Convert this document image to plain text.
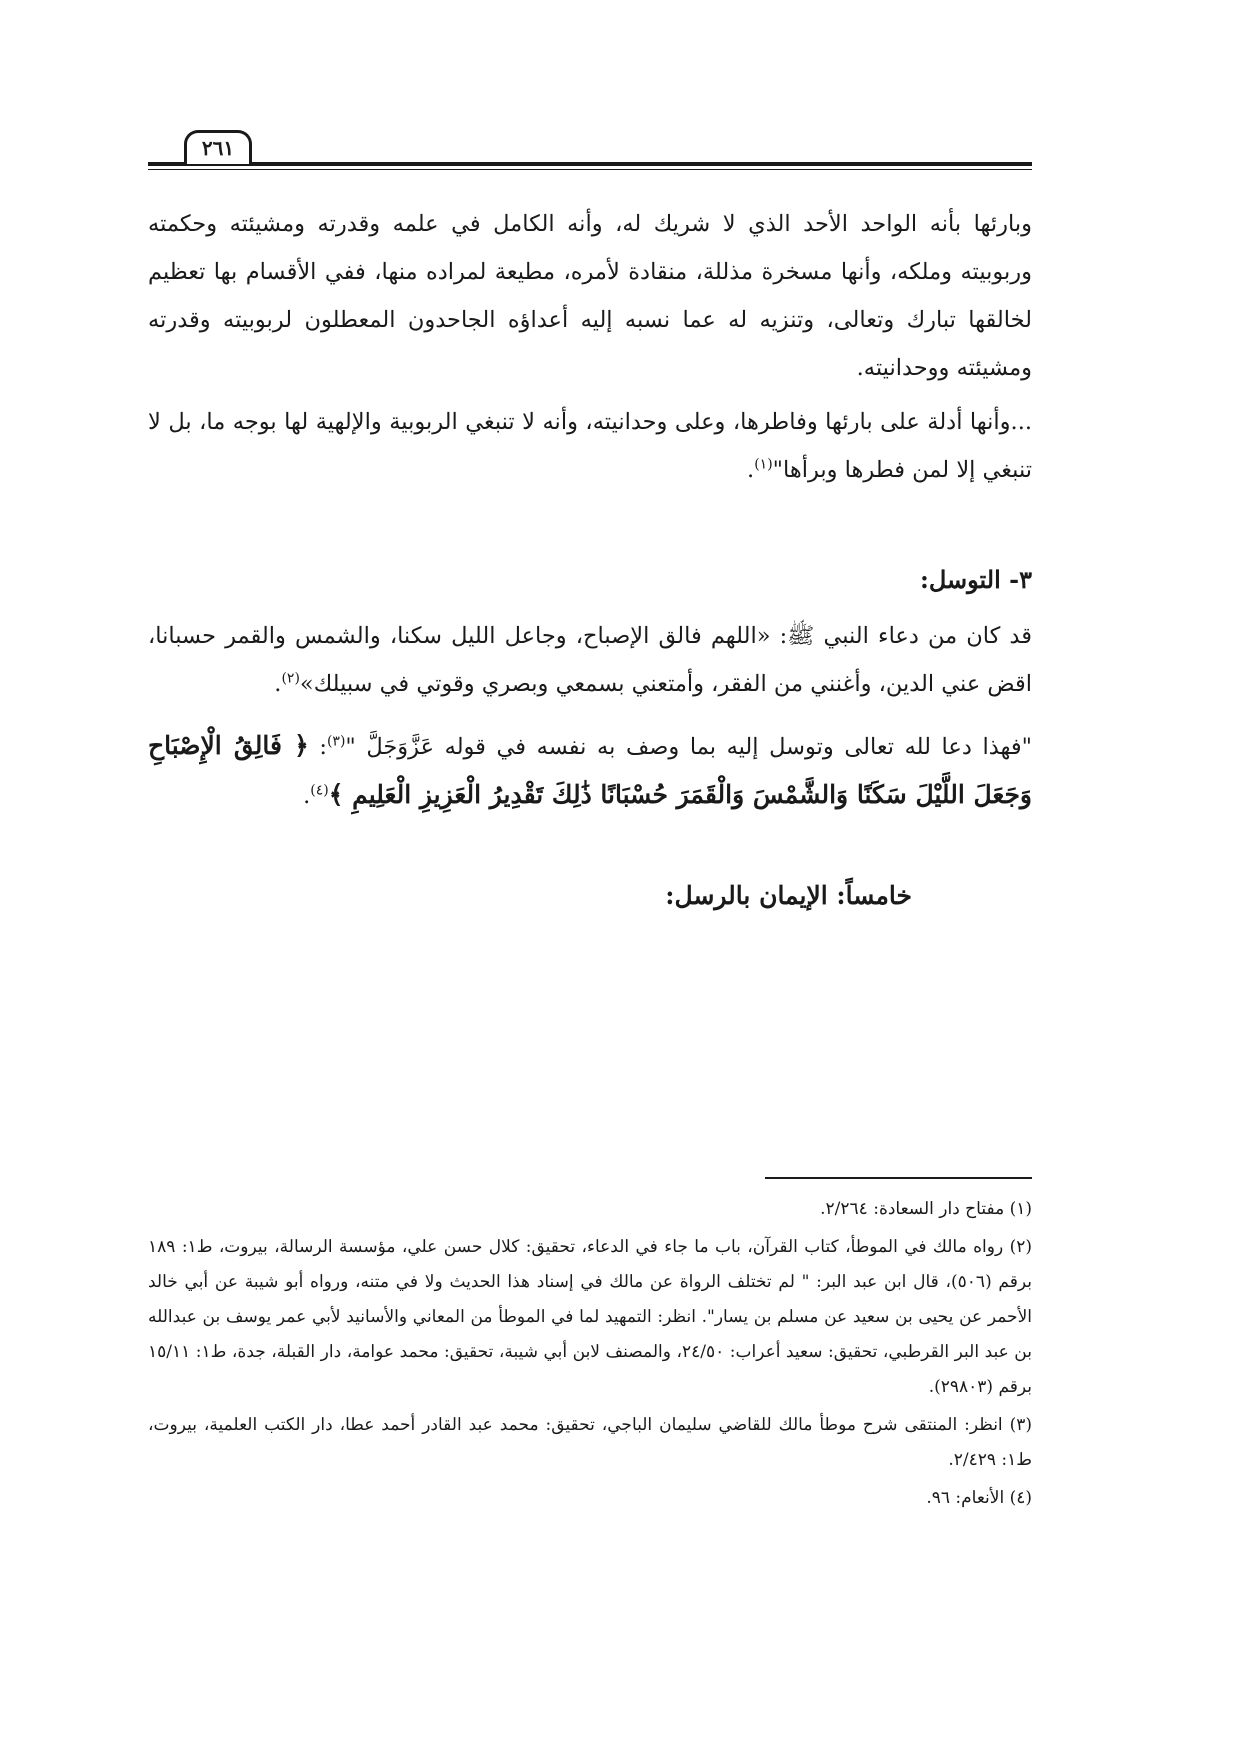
٢٦١

وبارئها بأنه الواحد الأحد الذي لا شريك له، وأنه الكامل في علمه وقدرته ومشيئته وحكمته وربوبيته وملكه، وأنها مسخرة مذللة، منقادة لأمره، مطيعة لمراده منها، ففي الأقسام بها تعظيم لخالقها تبارك وتعالى، وتنزيه له عما نسبه إليه أعداؤه الجاحدون المعطلون لربوبيته وقدرته ومشيئته ووحدانيته.

...وأنها أدلة على بارئها وفاطرها، وعلى وحدانيته، وأنه لا تنبغي الربوبية والإلهية لها بوجه ما، بل لا تنبغي إلا لمن فطرها وبرأها"$^{(١)}$.

٣- التوسل:

قد كان من دعاء النبي ﷺ: «اللهم فالق الإصباح، وجاعل الليل سكنا، والشمس والقمر حسبانا، اقض عني الدين، وأغنني من الفقر، وأمتعني بسمعي وبصري وقوتي في سبيلك»$^{(٢)}$.

"فهذا دعا لله تعالى وتوسل إليه بما وصف به نفسه في قوله عَزَّوَجَلَّ "$^{(٣)}$: ﴿ فَالِقُ الْإِصْبَاحِ وَجَعَلَ اللَّيْلَ سَكَنًا وَالشَّمْسَ وَالْقَمَرَ حُسْبَانًا ذَٰلِكَ تَقْدِيرُ الْعَزِيزِ الْعَلِيمِ ﴾$^{(٤)}$.

خامساً: الإيمان بالرسل:

(١) مفتاح دار السعادة: ٢/٢٦٤.

(٢) رواه مالك في الموطأ، كتاب القرآن، باب ما جاء في الدعاء، تحقيق: كلال حسن علي، مؤسسة الرسالة، بيروت، ط١: ١٨٩ برقم (٥٠٦)، قال ابن عبد البر: " لم تختلف الرواة عن مالك في إسناد هذا الحديث ولا في متنه، ورواه أبو شيبة عن أبي خالد الأحمر عن يحيى بن سعيد عن مسلم بن يسار". انظر: التمهيد لما في الموطأ من المعاني والأسانيد لأبي عمر يوسف بن عبدالله بن عبد البر القرطبي، تحقيق: سعيد أعراب: ٢٤/٥٠، والمصنف لابن أبي شيبة، تحقيق: محمد عوامة، دار القبلة، جدة، ط١: ١٥/١١ برقم (٢٩٨٠٣).

(٣) انظر: المنتقى شرح موطأ مالك للقاضي سليمان الباجي، تحقيق: محمد عبد القادر أحمد عطا، دار الكتب العلمية، بيروت، ط١: ٢/٤٢٩.

(٤) الأنعام: ٩٦.
